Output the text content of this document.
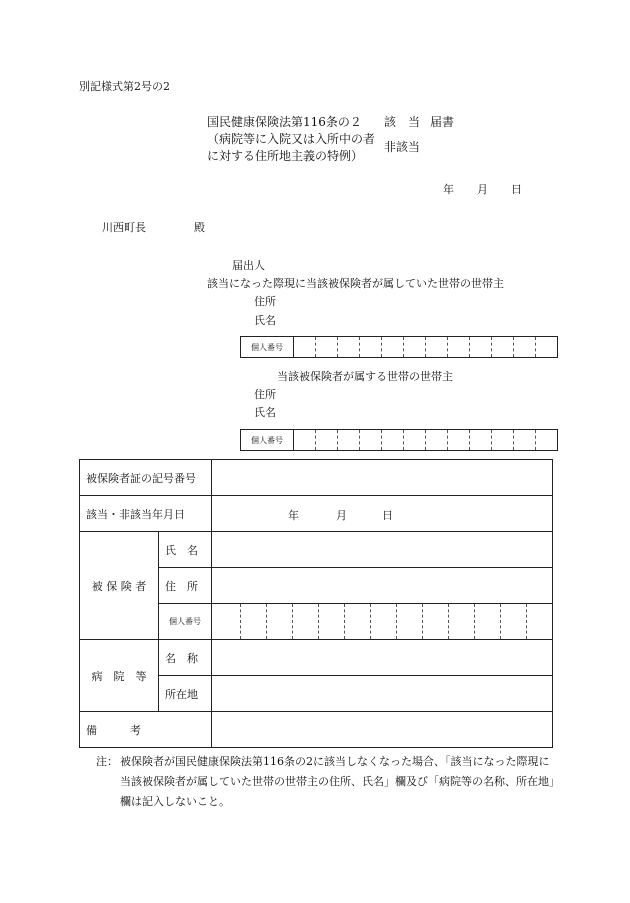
別記様式第2号の2
国民健康保険法第116条の２
（病院等に入院又は入所中の者
に対する住所地主義の特例）
該　当 届書
非該当
年 月 日
川西町長	殿
届出人
該当になった際現に当該被保険者が属していた世帯の世帯主
住所
氏名
個人番号
当該被保険者が属する世帯の世帯主
住所
氏名
個人番号
被保険者証の記号番号		
該当・非該当年月日		年 月 日

被 保 険 者	氏　名	
	住　所	
	個人番号	

病　院　等	名　称	
	所在地	
備　　　考		
注： 被保険者が国民健康保険法第116条の2に該当しなくなった場合、「該当になった際現に当該被保険者が属していた世帯の世帯主の住所、氏名」欄及び「病院等の名称、所在地」欄は記入しないこと。
